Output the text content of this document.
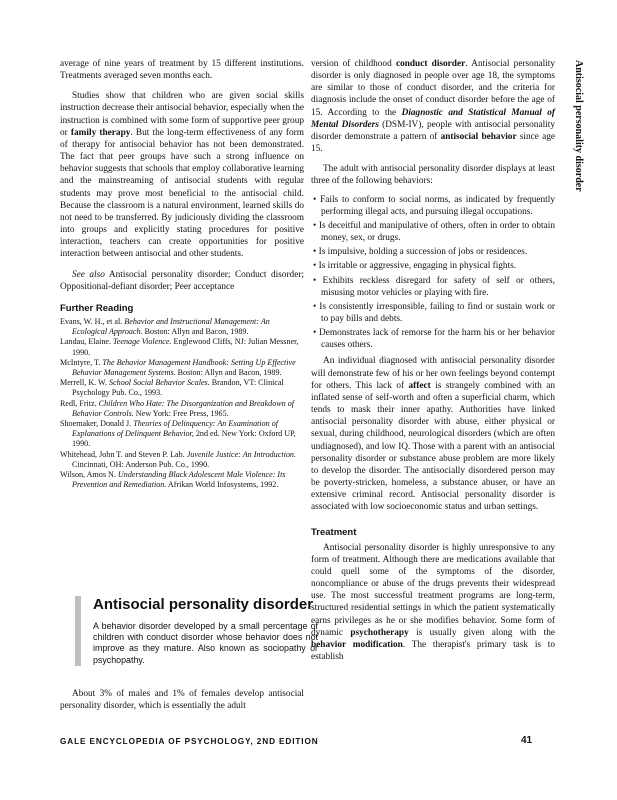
average of nine years of treatment by 15 different institutions. Treatments averaged seven months each.

Studies show that children who are given social skills instruction decrease their antisocial behavior, especially when the instruction is combined with some form of supportive peer group or family therapy. But the long-term effectiveness of any form of therapy for antisocial behavior has not been demonstrated. The fact that peer groups have such a strong influence on behavior suggests that schools that employ collaborative learning and the mainstreaming of antisocial students with regular students may prove most beneficial to the antisocial child. Because the classroom is a natural environment, learned skills do not need to be transferred. By judiciously dividing the classroom into groups and explicitly stating procedures for positive interaction, teachers can create opportunities for positive interaction between antisocial and other students.

See also Antisocial personality disorder; Conduct disorder; Oppositional-defiant disorder; Peer acceptance

Further Reading
Evans, W. H., et al. Behavior and Instructional Management: An Ecological Approach. Boston: Allyn and Bacon, 1989.
Landau, Elaine. Teenage Violence. Englewood Cliffs, NJ: Julian Messner, 1990.
McIntyre, T. The Behavior Management Handbook: Setting Up Effective Behavior Management Systems. Boston: Allyn and Bacon, 1989.
Merrell, K. W. School Social Behavior Scales. Brandon, VT: Clinical Psychology Pub. Co., 1993.
Redl, Fritz. Children Who Hate: The Disorganization and Breakdown of Behavior Controls. New York: Free Press, 1965.
Shoemaker, Donald J. Theories of Delinquency: An Examination of Explanations of Delinquent Behavior, 2nd ed. New York: Oxford UP, 1990.
Whitehead, John T. and Steven P. Lab. Juvenile Justice: An Introduction. Cincinnati, OH: Anderson Pub. Co., 1990.
Wilson, Amos N. Understanding Black Adolescent Male Violence: Its Prevention and Remediation. Afrikan World Infosystems, 1992.
Antisocial personality disorder

A behavior disorder developed by a small percentage of children with conduct disorder whose behavior does not improve as they mature. Also known as sociopathy or psychopathy.

About 3% of males and 1% of females develop antisocial personality disorder, which is essentially the adult

version of childhood conduct disorder. Antisocial personality disorder is only diagnosed in people over age 18, the symptoms are similar to those of conduct disorder, and the criteria for diagnosis include the onset of conduct disorder before the age of 15. According to the Diagnostic and Statistical Manual of Mental Disorders (DSM-IV), people with antisocial personality disorder demonstrate a pattern of antisocial behavior since age 15.

The adult with antisocial personality disorder displays at least three of the following behaviors:

• Fails to conform to social norms, as indicated by frequently performing illegal acts, and pursuing illegal occupations.
• Is deceitful and manipulative of others, often in order to obtain money, sex, or drugs.
• Is impulsive, holding a succession of jobs or residences.
• Is irritable or aggressive, engaging in physical fights.
• Exhibits reckless disregard for safety of self or others, misusing motor vehicles or playing with fire.
• Is consistently irresponsible, failing to find or sustain work or to pay bills and debts.
• Demonstrates lack of remorse for the harm his or her behavior causes others.

An individual diagnosed with antisocial personality disorder will demonstrate few of his or her own feelings beyond contempt for others. This lack of affect is strangely combined with an inflated sense of self-worth and often a superficial charm, which tends to mask their inner apathy. Authorities have linked antisocial personality disorder with abuse, either physical or sexual, during childhood, neurological disorders (which are often undiagnosed), and low IQ. Those with a parent with an antisocial personality disorder or substance abuse problem are more likely to develop the disorder. The antisocially disordered person may be poverty-stricken, homeless, a substance abuser, or have an extensive criminal record. Antisocial personality disorder is associated with low socioeconomic status and urban settings.

Treatment

Antisocial personality disorder is highly unresponsive to any form of treatment. Although there are medications available that could quell some of the symptoms of the disorder, noncompliance or abuse of the drugs prevents their widespread use. The most successful treatment programs are long-term, structured residential settings in which the patient systematically earns privileges as he or she modifies behavior. Some form of dynamic psychotherapy is usually given along with the behavior modification. The therapist's primary task is to establish

Antisocial personality disorder
GALE ENCYCLOPEDIA OF PSYCHOLOGY, 2ND EDITION	41
